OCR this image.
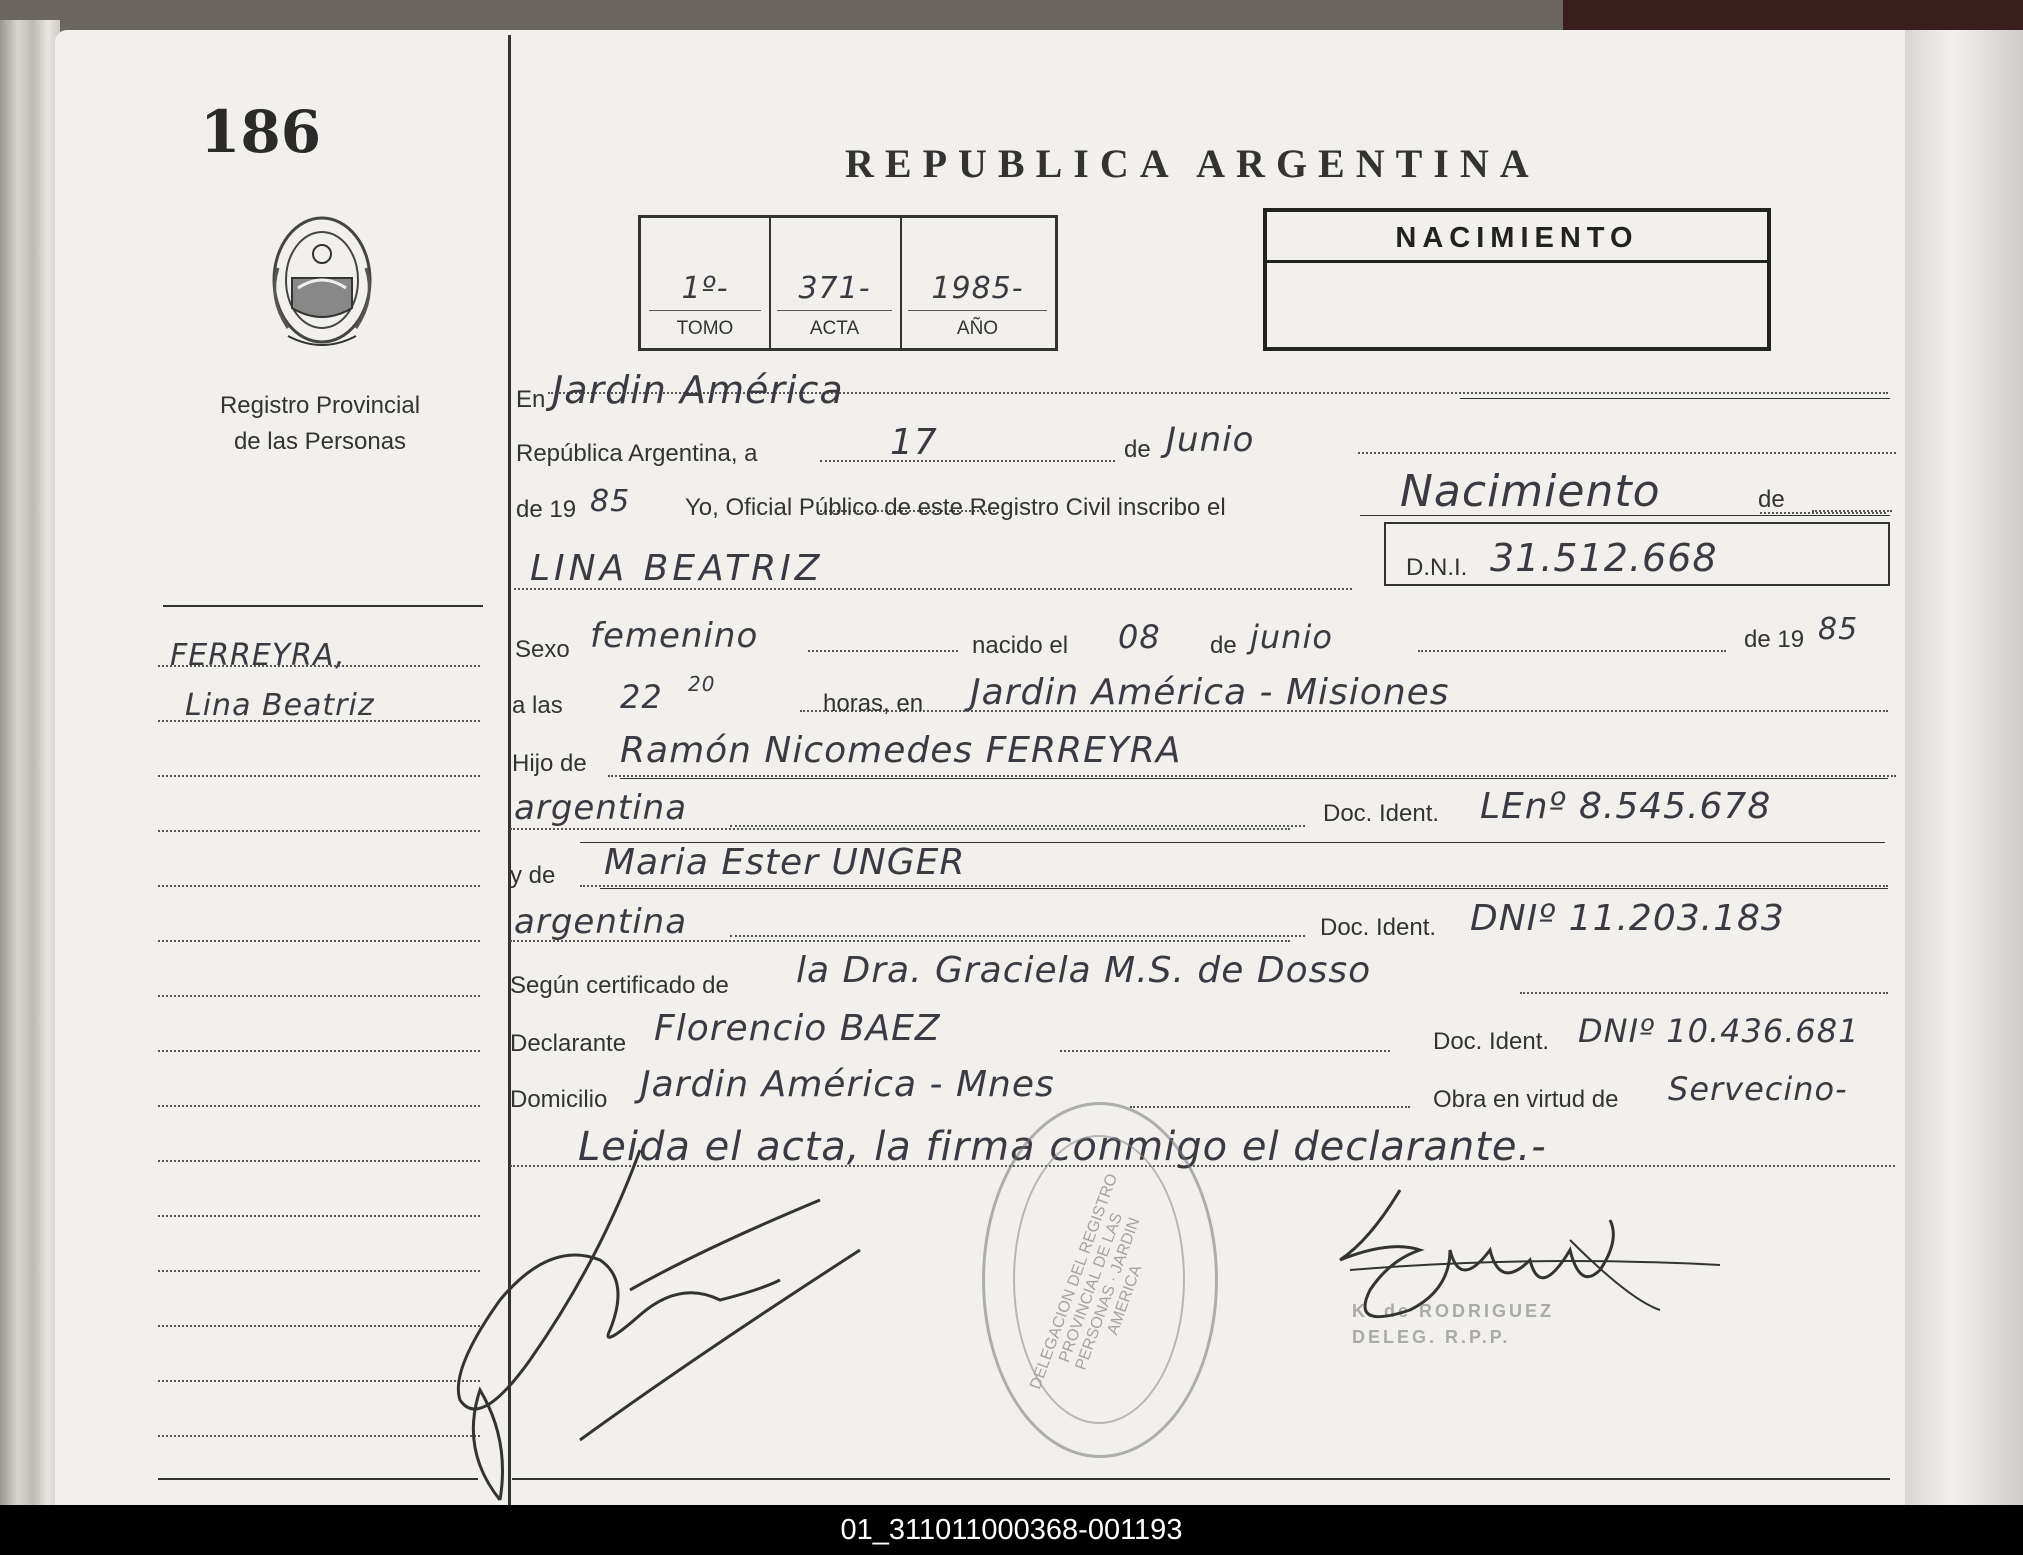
186
Registro Provincial
de las Personas
FERREYRA,
Lina Beatriz
REPUBLICA ARGENTINA
1º-
TOMO
371-
ACTA
1985-
AÑO
NACIMIENTO
En Jardin América
República Argentina, a	17	de Junio
de 19 85 Yo, Oficial Público de este Registro Civil inscribo el	Nacimiento	de
LINA BEATRIZ	D.N.I. 31.512.668
Sexo femenino	nacido el 08 de junio	de 19 85
a las 22 20
horas, en Jardin América - Misiones
Hijo de Ramón Nicomedes FERREYRA
argentina	Doc. Ident. LEnº 8.545.678
y de Maria Ester UNGER
argentina	Doc. Ident. DNIº 11.203.183
Según certificado de la Dra. Graciela M.S. de Dosso
Declarante Florencio BAEZ	Doc. Ident. DNIº 10.436.681
Domicilio Jardin América - Mnes	Obra en virtud de Servecino-
Leida el acta, la firma conmigo el declarante.-
DELEGACION DEL REGISTRO PROVINCIAL DE LAS PERSONAS · JARDIN AMERICA	K. de RODRIGUEZ
DELEG. R.P.P.
01_311011000368-001193
